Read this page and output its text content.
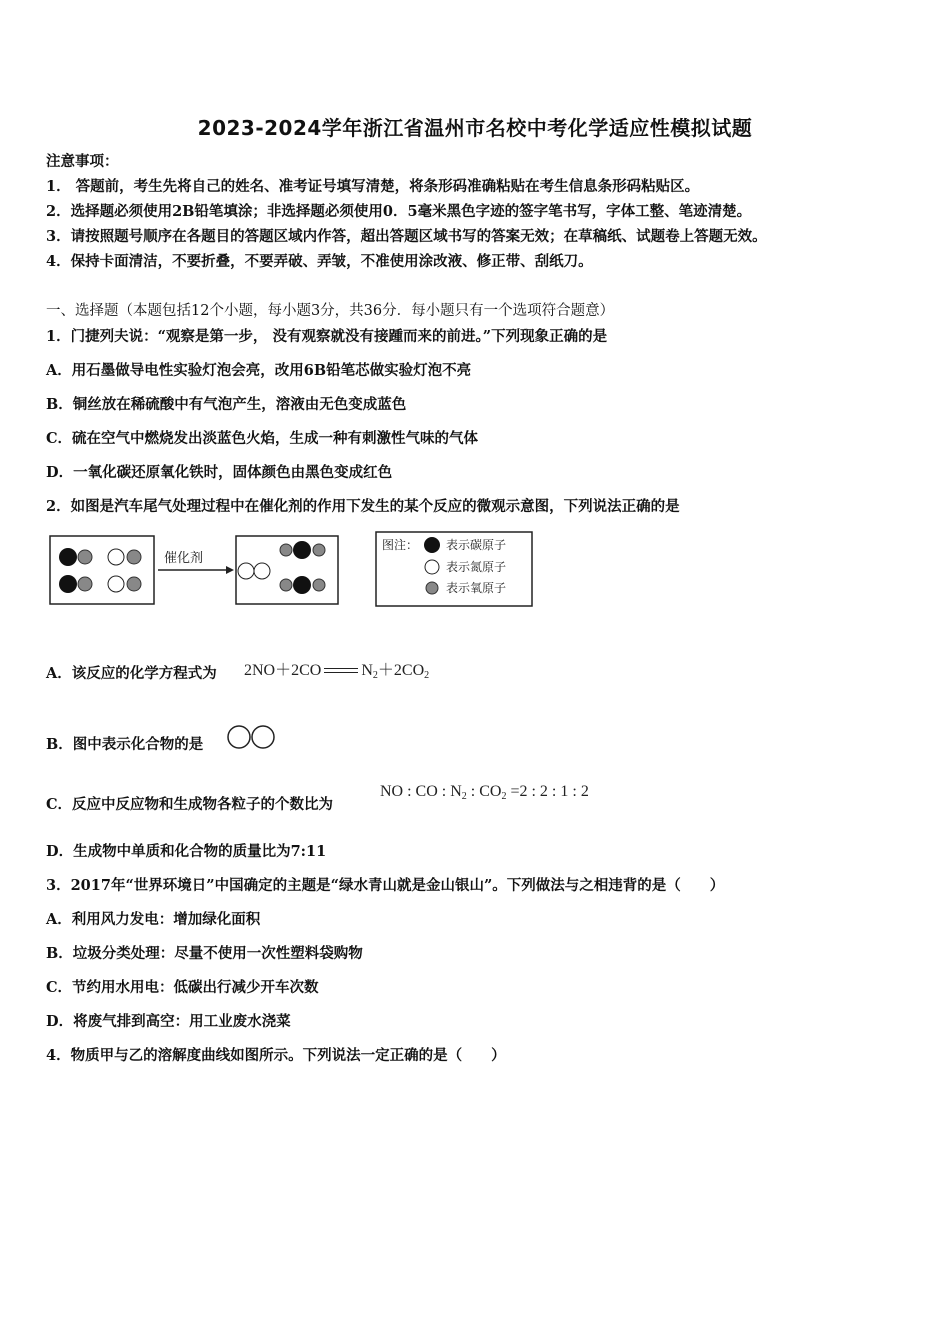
2023-2024学年浙江省温州市名校中考化学适应性模拟试题
注意事项：
1． 答题前，考生先将自己的姓名、准考证号填写清楚，将条形码准确粘贴在考生信息条形码粘贴区。
2．选择题必须使用2B铅笔填涂；非选择题必须使用0．5毫米黑色字迹的签字笔书写，字体工整、笔迹清楚。
3．请按照题号顺序在各题目的答题区域内作答，超出答题区域书写的答案无效；在草稿纸、试题卷上答题无效。
4．保持卡面清洁，不要折叠，不要弄破、弄皱，不准使用涂改液、修正带、刮纸刀。
一、选择题（本题包括12个小题，每小题3分，共36分．每小题只有一个选项符合题意）
1．门捷列夫说：“观察是第一步， 没有观察就没有接踵而来的前进。”下列现象正确的是
A．用石墨做导电性实验灯泡会亮，改用6B铅笔芯做实验灯泡不亮
B．铜丝放在稀硫酸中有气泡产生，溶液由无色变成蓝色
C．硫在空气中燃烧发出淡蓝色火焰，生成一种有刺激性气味的气体
D．一氧化碳还原氧化铁时，固体颜色由黑色变成红色
2．如图是汽车尾气处理过程中在催化剂的作用下发生的某个反应的微观示意图，下列说法正确的是
催化剂
图注： 表示碳原子
表示氮原子
表示氧原子
A．该反应的化学方程式为 2NO＋2CO	$N_2+2CO_2$
B．图中表示化合物的是
C．反应中反应物和生成物各粒子的个数比为
NO : CO : $N_2$ : $CO_2 =2$ : 2 : 1 : 2
D．生成物中单质和化合物的质量比为7:11
3．2017年“世界环境日”中国确定的主题是“绿水青山就是金山银山”。下列做法与之相违背的是（　　）
A．利用风力发电：增加绿化面积
B．垃圾分类处理：尽量不使用一次性塑料袋购物
C．节约用水用电：低碳出行减少开车次数
D．将废气排到高空：用工业废水浇菜
4．物质甲与乙的溶解度曲线如图所示。下列说法一定正确的是（　　）
